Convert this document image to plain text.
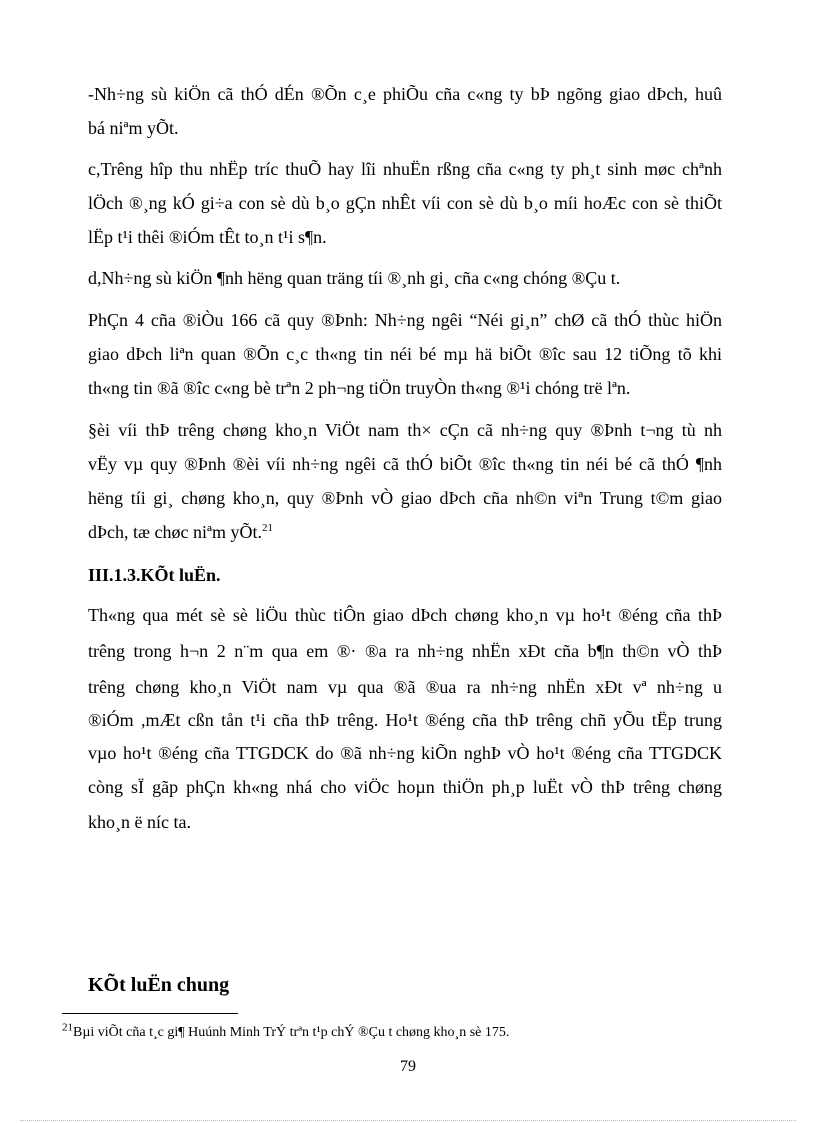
-Nh÷ng sù kiÖn cã thÓ dÉn ®Õn c¸e phiÕu cña c«ng ty bÞ ngõng giao dÞch, huû
bá niªm yÕt.
c,Trêng hîp thu nhËp tríc thuÕ hay lîi nhuËn rßng cña c«ng ty ph¸t sinh møc chªnh
lÖch ®¸ng kÓ gi÷a con sè dù b¸o gÇn nhÊt víi con sè dù b¸o míi hoÆc con sè thiÕt
lËp t¹i thêi ®iÓm tÊt to¸n t¹i s¶n.
d,Nh÷ng sù kiÖn ¶nh hëng quan träng tíi ®¸nh gi¸ cña c«ng chóng ®Çu t.
PhÇn 4 cña ®iÒu 166 cã quy ®Þnh: Nh÷ng ngêi “Néi gi¸n” chØ cã thÓ thùc hiÖn
giao dÞch liªn quan ®Õn c¸c th«ng tin néi bé mµ hä biÕt ®îc sau 12 tiÕng tõ khi
th«ng tin ®ã ®îc c«ng bè trªn 2 ph¬ng tiÖn truyÒn th«ng ®¹i chóng trë lªn.
§èi víi thÞ trêng chøng kho¸n ViÖt nam th× cÇn cã nh÷ng quy ®Þnh t¬ng tù nh
vËy vµ quy ®Þnh ®èi víi nh÷ng ngêi cã thÓ biÕt ®îc th«ng tin néi bé cã thÓ ¶nh
hëng tíi gi¸ chøng kho¸n, quy ®Þnh vÒ giao dÞch cña nh©n viªn Trung t©m giao
dÞch, tæ chøc niªm yÕt.$^{21}$
III.1.3.KÕt luËn.
Th«ng qua mét sè sè liÖu thùc tiÔn giao dÞch chøng kho¸n vµ ho¹t ®éng cña thÞ
trêng trong h¬n 2 n¨m qua em ®· ®a ra nh÷ng nhËn xÐt cña b¶n th©n vÒ thÞ
trêng chøng kho¸n ViÖt nam vµ qua ®ã ®ua ra nh÷ng nhËn xÐt vª nh÷ng u
®iÓm ,mÆt cßn tån t¹i cña thÞ trêng. Ho¹t ®éng cña thÞ trêng chñ yÕu tËp trung
vµo ho¹t ®éng cña TTGDCK do ®ã nh÷ng kiÕn nghÞ vÒ ho¹t ®éng cña TTGDCK
còng sÏ gãp phÇn kh«ng nhá cho viÖc hoµn thiÖn ph¸p luËt vÒ thÞ trêng chøng
kho¸n ë níc ta.
KÕt luËn chung
$^{21}$Bµi viÕt cña t¸c gi¶ Huúnh Minh TrÝ trªn t¹p chÝ ®Çu t chøng kho¸n sè 175.
79
